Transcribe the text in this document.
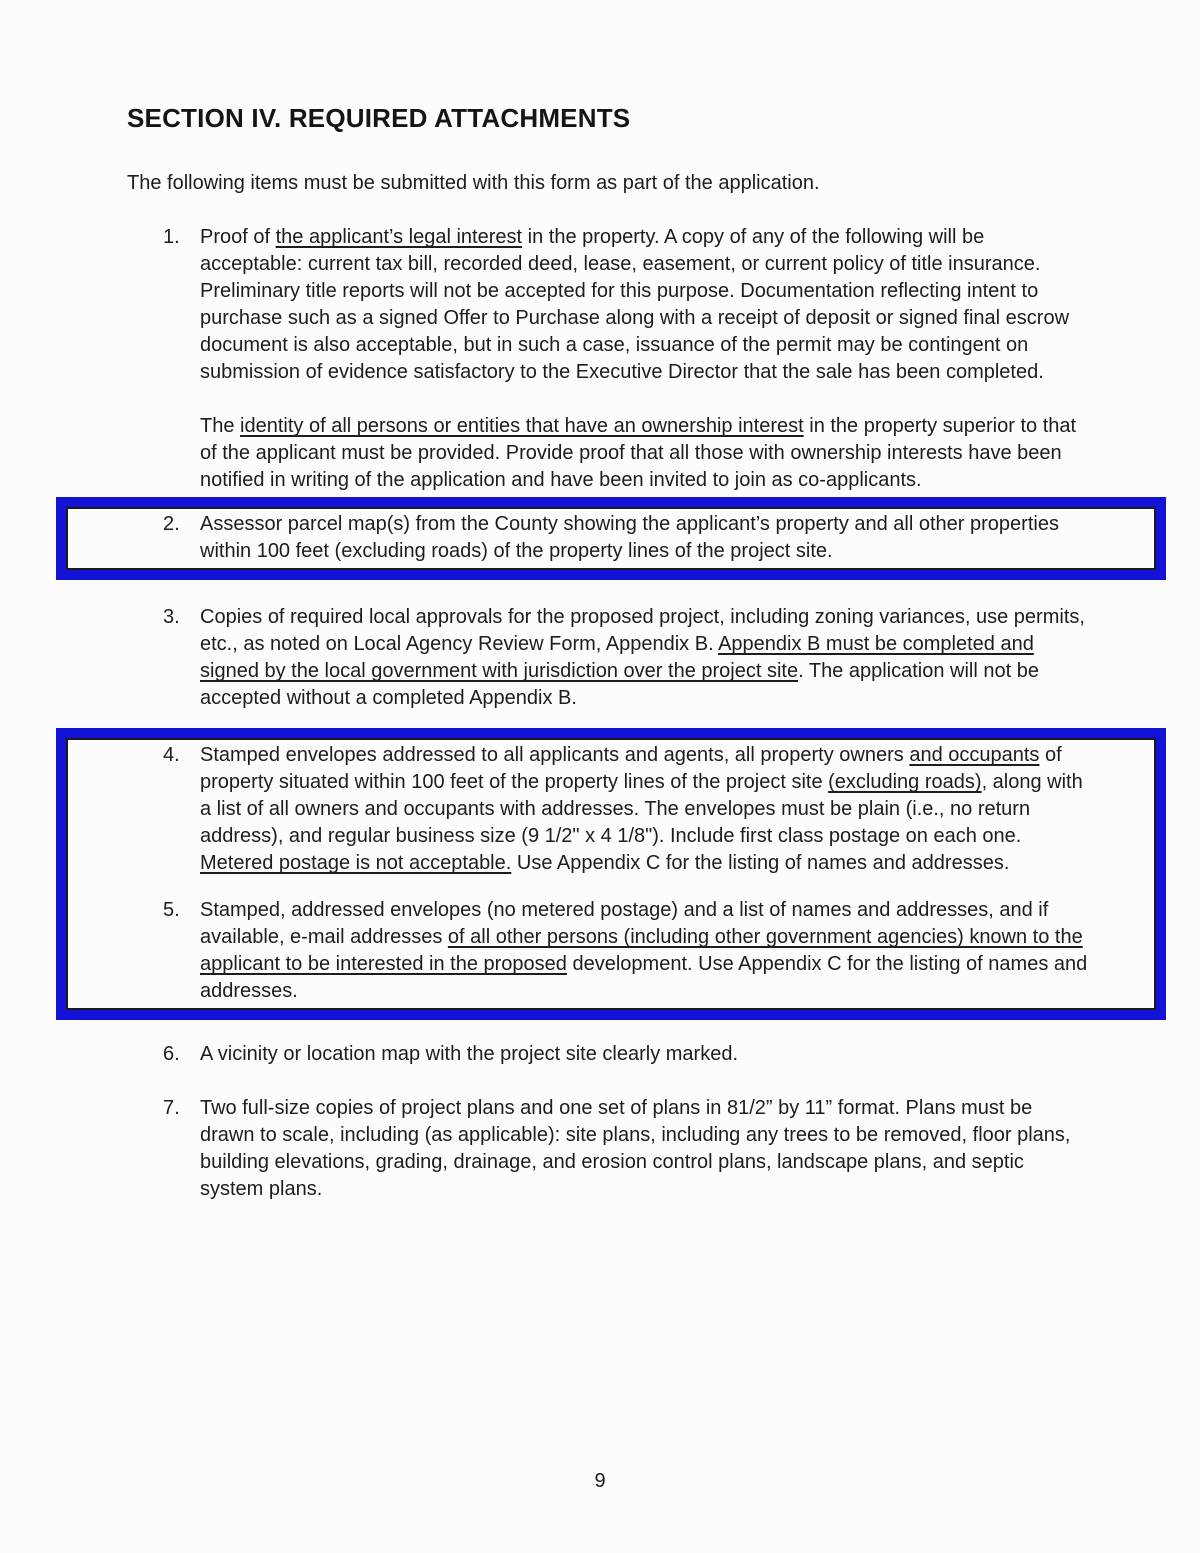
SECTION IV. REQUIRED ATTACHMENTS

The following items must be submitted with this form as part of the application.

1.	Proof of the applicant’s legal interest in the property. A copy of any of the following will be acceptable: current tax bill, recorded deed, lease, easement, or current policy of title insurance. Preliminary title reports will not be accepted for this purpose. Documentation reflecting intent to purchase such as a signed Offer to Purchase along with a receipt of deposit or signed final escrow document is also acceptable, but in such a case, issuance of the permit may be contingent on submission of evidence satisfactory to the Executive Director that the sale has been completed.

The identity of all persons or entities that have an ownership interest in the property superior to that of the applicant must be provided. Provide proof that all those with ownership interests have been notified in writing of the application and have been invited to join as co-applicants.

2.	Assessor parcel map(s) from the County showing the applicant’s property and all other properties within 100 feet (excluding roads) of the property lines of the project site.

3.	Copies of required local approvals for the proposed project, including zoning variances, use permits, etc., as noted on Local Agency Review Form, Appendix B. Appendix B must be completed and signed by the local government with jurisdiction over the project site. The application will not be accepted without a completed Appendix B.

4.	Stamped envelopes addressed to all applicants and agents, all property owners and occupants of property situated within 100 feet of the property lines of the project site (excluding roads), along with a list of all owners and occupants with addresses. The envelopes must be plain (i.e., no return address), and regular business size (9 1/2" x 4 1/8"). Include first class postage on each one. Metered postage is not acceptable. Use Appendix C for the listing of names and addresses.

5.	Stamped, addressed envelopes (no metered postage) and a list of names and addresses, and if available, e-mail addresses of all other persons (including other government agencies) known to the applicant to be interested in the proposed development. Use Appendix C for the listing of names and addresses.

6.	A vicinity or location map with the project site clearly marked.

7.	Two full-size copies of project plans and one set of plans in 81/2” by 11” format. Plans must be drawn to scale, including (as applicable): site plans, including any trees to be removed, floor plans, building elevations, grading, drainage, and erosion control plans, landscape plans, and septic system plans.

9
